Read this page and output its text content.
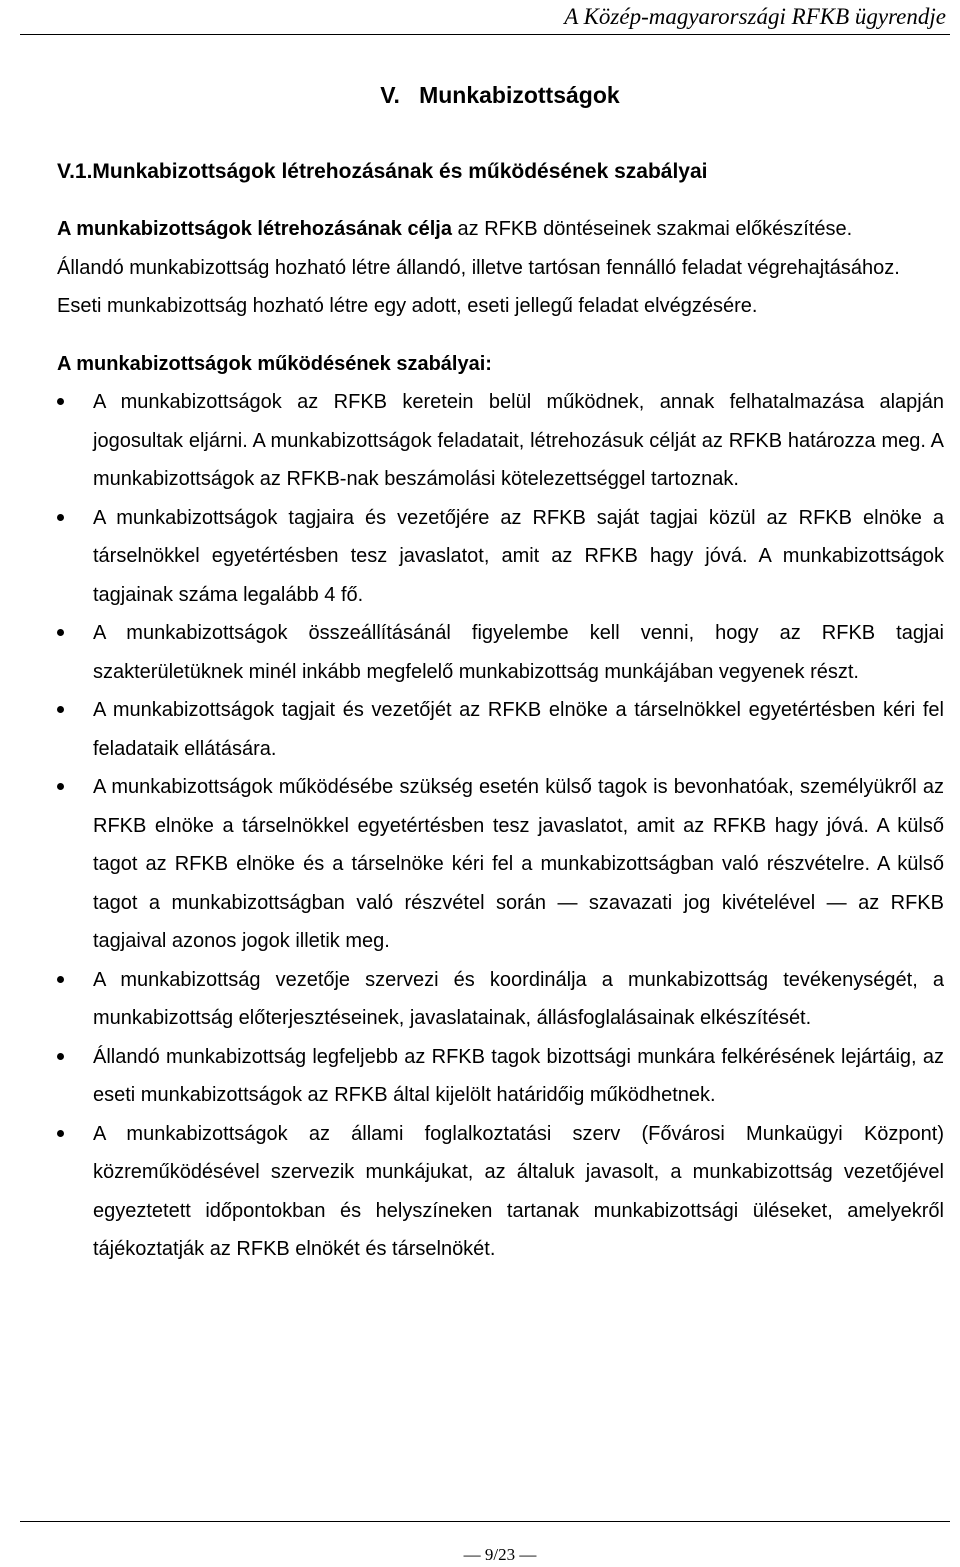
A Közép-magyarországi RFKB ügyrendje
V.   Munkabizottságok
V.1.Munkabizottságok létrehozásának és működésének szabályai

A munkabizottságok létrehozásának célja az RFKB döntéseinek szakmai előkészítése.

Állandó munkabizottság hozható létre állandó, illetve tartósan fennálló feladat végrehajtásához.

Eseti munkabizottság hozható létre egy adott, eseti jellegű feladat elvégzésére.

A munkabizottságok működésének szabályai:

A munkabizottságok az RFKB keretein belül működnek, annak felhatalmazása alapján jogosultak eljárni. A munkabizottságok feladatait, létrehozásuk célját az RFKB határozza meg. A munkabizottságok az RFKB-nak beszámolási kötelezettséggel tartoznak.
A munkabizottságok tagjaira és vezetőjére az RFKB saját tagjai közül az RFKB elnöke a társelnökkel egyetértésben tesz javaslatot, amit az RFKB hagy jóvá. A munkabizottságok tagjainak száma legalább 4 fő.
A munkabizottságok összeállításánál figyelembe kell venni, hogy az RFKB tagjai szakterületüknek minél inkább megfelelő munkabizottság munkájában vegyenek részt.
A munkabizottságok tagjait és vezetőjét az RFKB elnöke a társelnökkel egyetértésben kéri fel feladataik ellátására.
A munkabizottságok működésébe szükség esetén külső tagok is bevonhatóak, személyükről az RFKB elnöke a társelnökkel egyetértésben tesz javaslatot, amit az RFKB hagy jóvá. A külső tagot az RFKB elnöke és a társelnöke kéri fel a munkabizottságban való részvételre. A külső tagot a munkabizottságban való részvétel során — szavazati jog kivételével — az RFKB tagjaival azonos jogok illetik meg.
A munkabizottság vezetője szervezi és koordinálja a munkabizottság tevékenységét, a munkabizottság előterjesztéseinek, javaslatainak, állásfoglalásainak elkészítését.
Állandó munkabizottság legfeljebb az RFKB tagok bizottsági munkára felkérésének lejártáig, az eseti munkabizottságok az RFKB által kijelölt határidőig működhetnek.
A munkabizottságok az állami foglalkoztatási szerv (Fővárosi Munkaügyi Központ) közreműködésével szervezik munkájukat, az általuk javasolt, a munkabizottság vezetőjével egyeztetett időpontokban és helyszíneken tartanak munkabizottsági üléseket, amelyekről tájékoztatják az RFKB elnökét és társelnökét.
— 9/23 —
